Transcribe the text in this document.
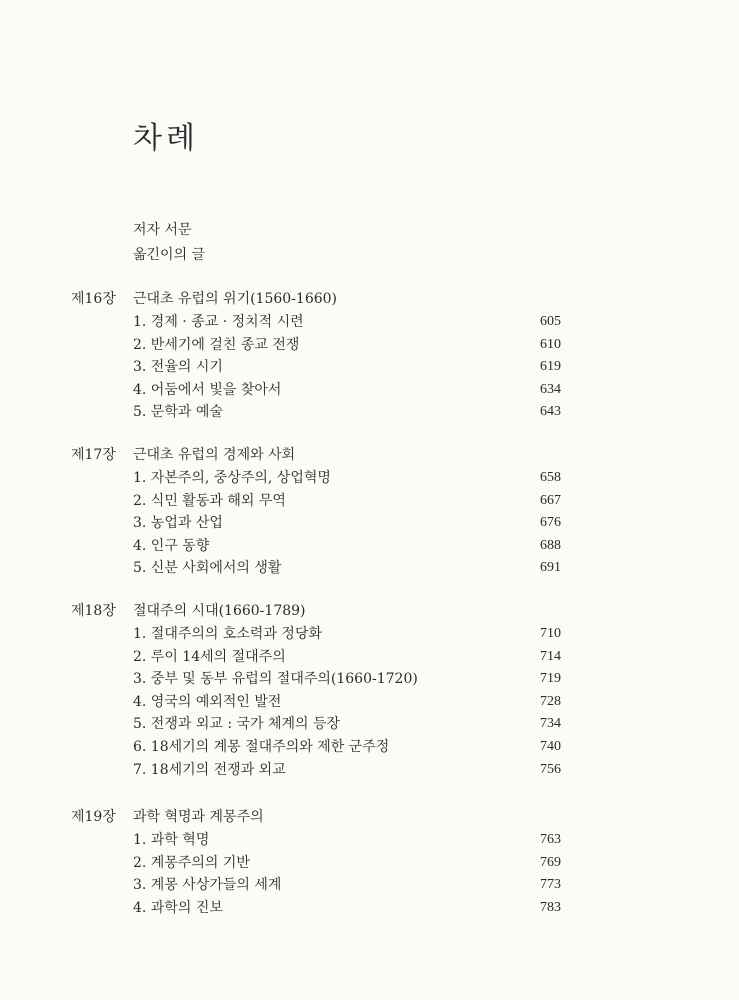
차례
저자 서문
옮긴이의 글
제16장 근대초 유럽의 위기(1560-1660)
1. 경제 · 종교 · 정치적 시련	605
2. 반세기에 걸친 종교 전쟁	610
3. 전율의 시기	619
4. 어둠에서 빛을 찾아서	634
5. 문학과 예술	643
제17장 근대초 유럽의 경제와 사회
1. 자본주의, 중상주의, 상업혁명	658
2. 식민 활동과 해외 무역	667
3. 농업과 산업	676
4. 인구 동향	688
5. 신분 사회에서의 생활	691
제18장 절대주의 시대(1660-1789)
1. 절대주의의 호소력과 정당화	710
2. 루이 14세의 절대주의	714
3. 중부 및 동부 유럽의 절대주의(1660-1720)	719
4. 영국의 예외적인 발전	728
5. 전쟁과 외교 : 국가 체계의 등장	734
6. 18세기의 계몽 절대주의와 제한 군주정	740
7. 18세기의 전쟁과 외교	756
제19장 과학 혁명과 계몽주의
1. 과학 혁명	763
2. 계몽주의의 기반	769
3. 계몽 사상가들의 세계	773
4. 과학의 진보	783
